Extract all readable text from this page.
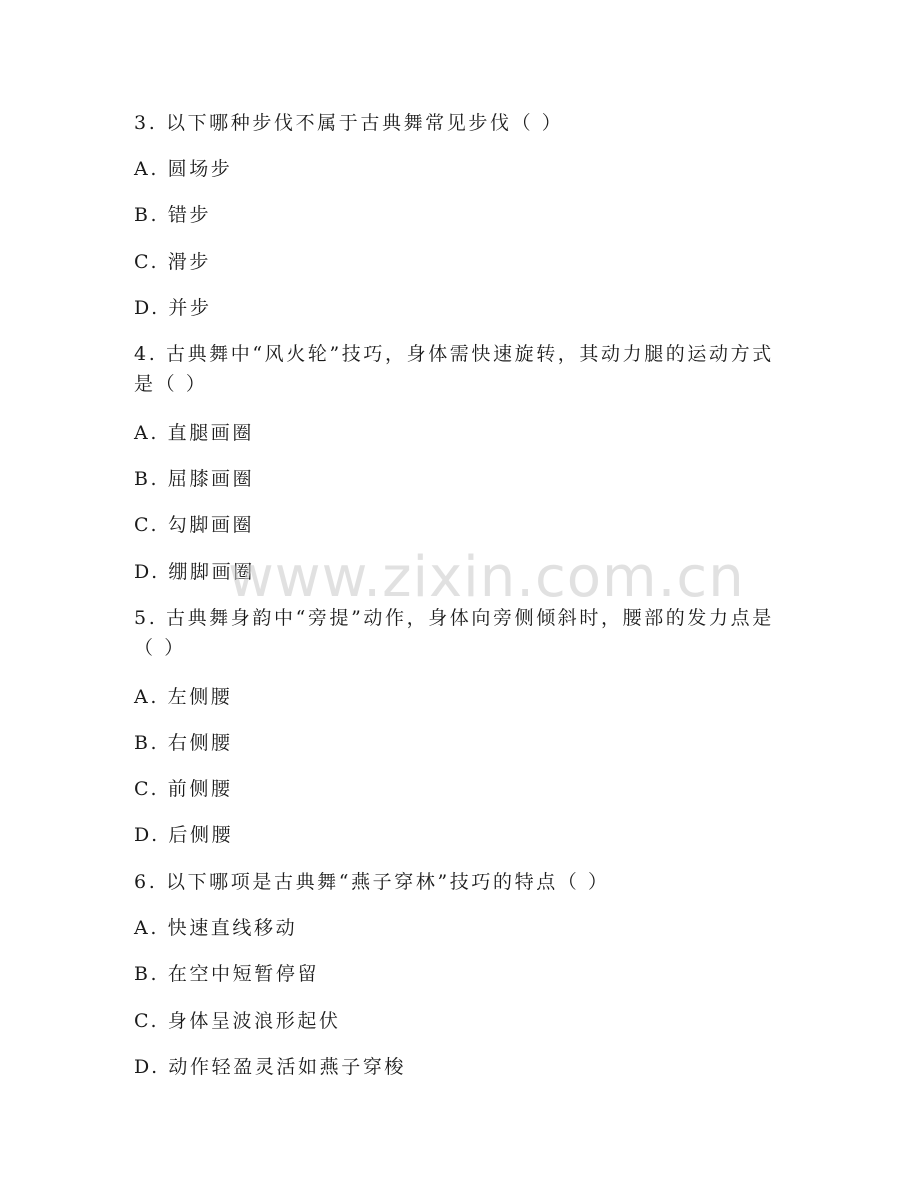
3. 以下哪种步伐不属于古典舞常见步伐（ ）
A. 圆场步
B. 错步
C. 滑步
D. 并步
4. 古典舞中“风火轮”技巧，身体需快速旋转，其动力腿的运动方式
是（ ）
A. 直腿画圈
B. 屈膝画圈
C. 勾脚画圈
D. 绷脚画圈
5. 古典舞身韵中“旁提”动作，身体向旁侧倾斜时，腰部的发力点是
（ ）
A. 左侧腰
B. 右侧腰
C. 前侧腰
D. 后侧腰
6. 以下哪项是古典舞“燕子穿林”技巧的特点（ ）
A. 快速直线移动
B. 在空中短暂停留
C. 身体呈波浪形起伏
D. 动作轻盈灵活如燕子穿梭
www.zixin.com.cn
